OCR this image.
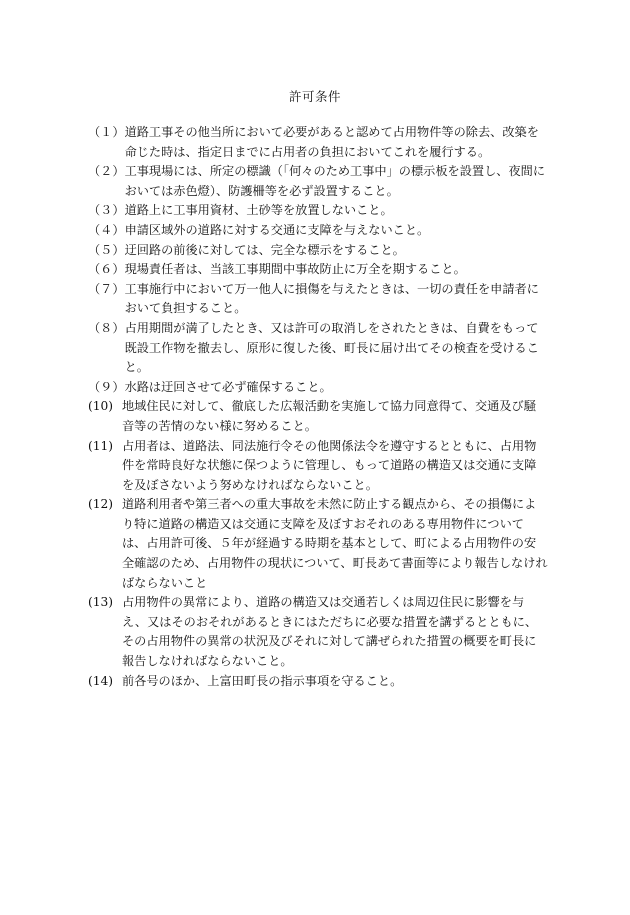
許可条件
（１） 道路工事その他当所において必要があると認めて占用物件等の除去、改築を命じた時は、指定日までに占用者の負担においてこれを履行する。
（２） 工事現場には、所定の標識（「何々のため工事中」の標示板を設置し、夜間においては赤色燈）、防護柵等を必ず設置すること。
（３） 道路上に工事用資材、土砂等を放置しないこと。
（４） 申請区域外の道路に対する交通に支障を与えないこと。
（５） 迂回路の前後に対しては、完全な標示をすること。
（６） 現場責任者は、当該工事期間中事故防止に万全を期すること。
（７） 工事施行中において万一他人に損傷を与えたときは、一切の責任を申請者において負担すること。
（８） 占用期間が満了したとき、又は許可の取消しをされたときは、自費をもって既設工作物を撤去し、原形に復した後、町長に届け出てその検査を受けること。
（９） 水路は迂回させて必ず確保すること。
(10) 地域住民に対して、徹底した広報活動を実施して協力同意得て、交通及び騒音等の苦情のない様に努めること。
(11) 占用者は、道路法、同法施行令その他関係法令を遵守するとともに、占用物件を常時良好な状態に保つように管理し、もって道路の構造又は交通に支障を及ぼさないよう努めなければならないこと。
(12) 道路利用者や第三者への重大事故を未然に防止する観点から、その損傷により特に道路の構造又は交通に支障を及ぼすおそれのある専用物件については、占用許可後、５年が経過する時期を基本として、町による占用物件の安全確認のため、占用物件の現状について、町長あて書面等により報告しなければならないこと
(13) 占用物件の異常により、道路の構造又は交通若しくは周辺住民に影響を与え、又はそのおそれがあるときにはただちに必要な措置を講ずるとともに、その占用物件の異常の状況及びそれに対して講ぜられた措置の概要を町長に報告しなければならないこと。
(14) 前各号のほか、上富田町長の指示事項を守ること。
